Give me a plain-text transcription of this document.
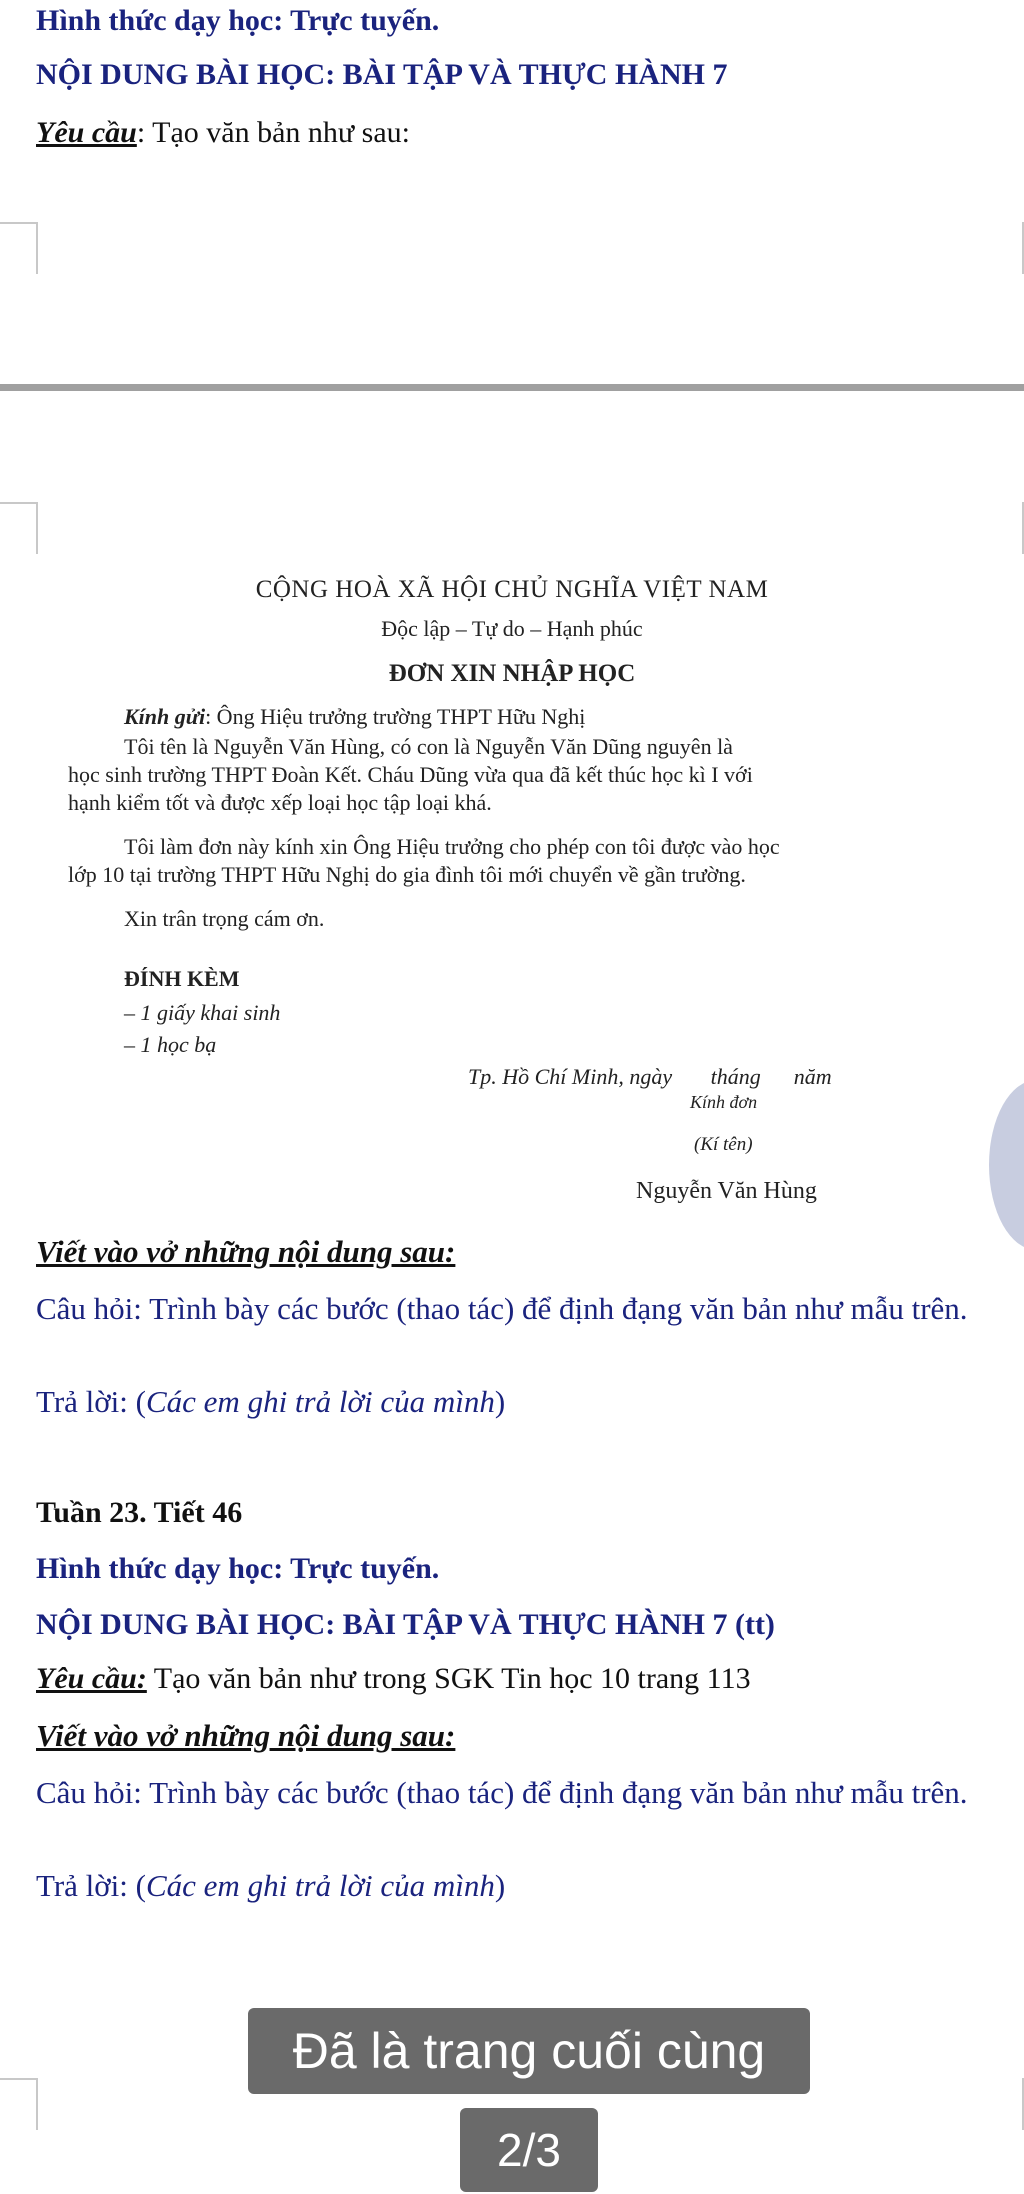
Hình thức dạy học: Trực tuyến.
NỘI DUNG BÀI HỌC: BÀI TẬP VÀ THỰC HÀNH 7
Yêu cầu: Tạo văn bản như sau:
CỘNG HOÀ XÃ HỘI CHỦ NGHĨA VIỆT NAM
Độc lập – Tự do – Hạnh phúc
ĐƠN XIN NHẬP HỌC
Kính gửi: Ông Hiệu trưởng trường THPT Hữu Nghị
Tôi tên là Nguyễn Văn Hùng, có con là Nguyễn Văn Dũng nguyên là
học sinh trường THPT Đoàn Kết. Cháu Dũng vừa qua đã kết thúc học kì I với
hạnh kiểm tốt và được xếp loại học tập loại khá.
Tôi làm đơn này kính xin Ông Hiệu trưởng cho phép con tôi được vào học
lớp 10 tại trường THPT Hữu Nghị do gia đình tôi mới chuyển về gần trường.
Xin trân trọng cám ơn.
ĐÍNH KÈM
– 1 giấy khai sinh
– 1 học bạ
Tp. Hồ Chí Minh, ngày       tháng      năm
Kính đơn
(Kí tên)
Nguyễn Văn Hùng
Viết vào vở những nội dung sau:
Câu hỏi: Trình bày các bước (thao tác) để định đạng văn bản như mẫu trên.
Trả lời: (Các em ghi trả lời của mình)
Tuần 23. Tiết 46
Hình thức dạy học: Trực tuyến.
NỘI DUNG BÀI HỌC: BÀI TẬP VÀ THỰC HÀNH 7 (tt)
Yêu cầu: Tạo văn bản như trong SGK Tin học 10 trang 113
Viết vào vở những nội dung sau:
Câu hỏi: Trình bày các bước (thao tác) để định đạng văn bản như mẫu trên.
Trả lời: (Các em ghi trả lời của mình)
Đã là trang cuối cùng
2/3
